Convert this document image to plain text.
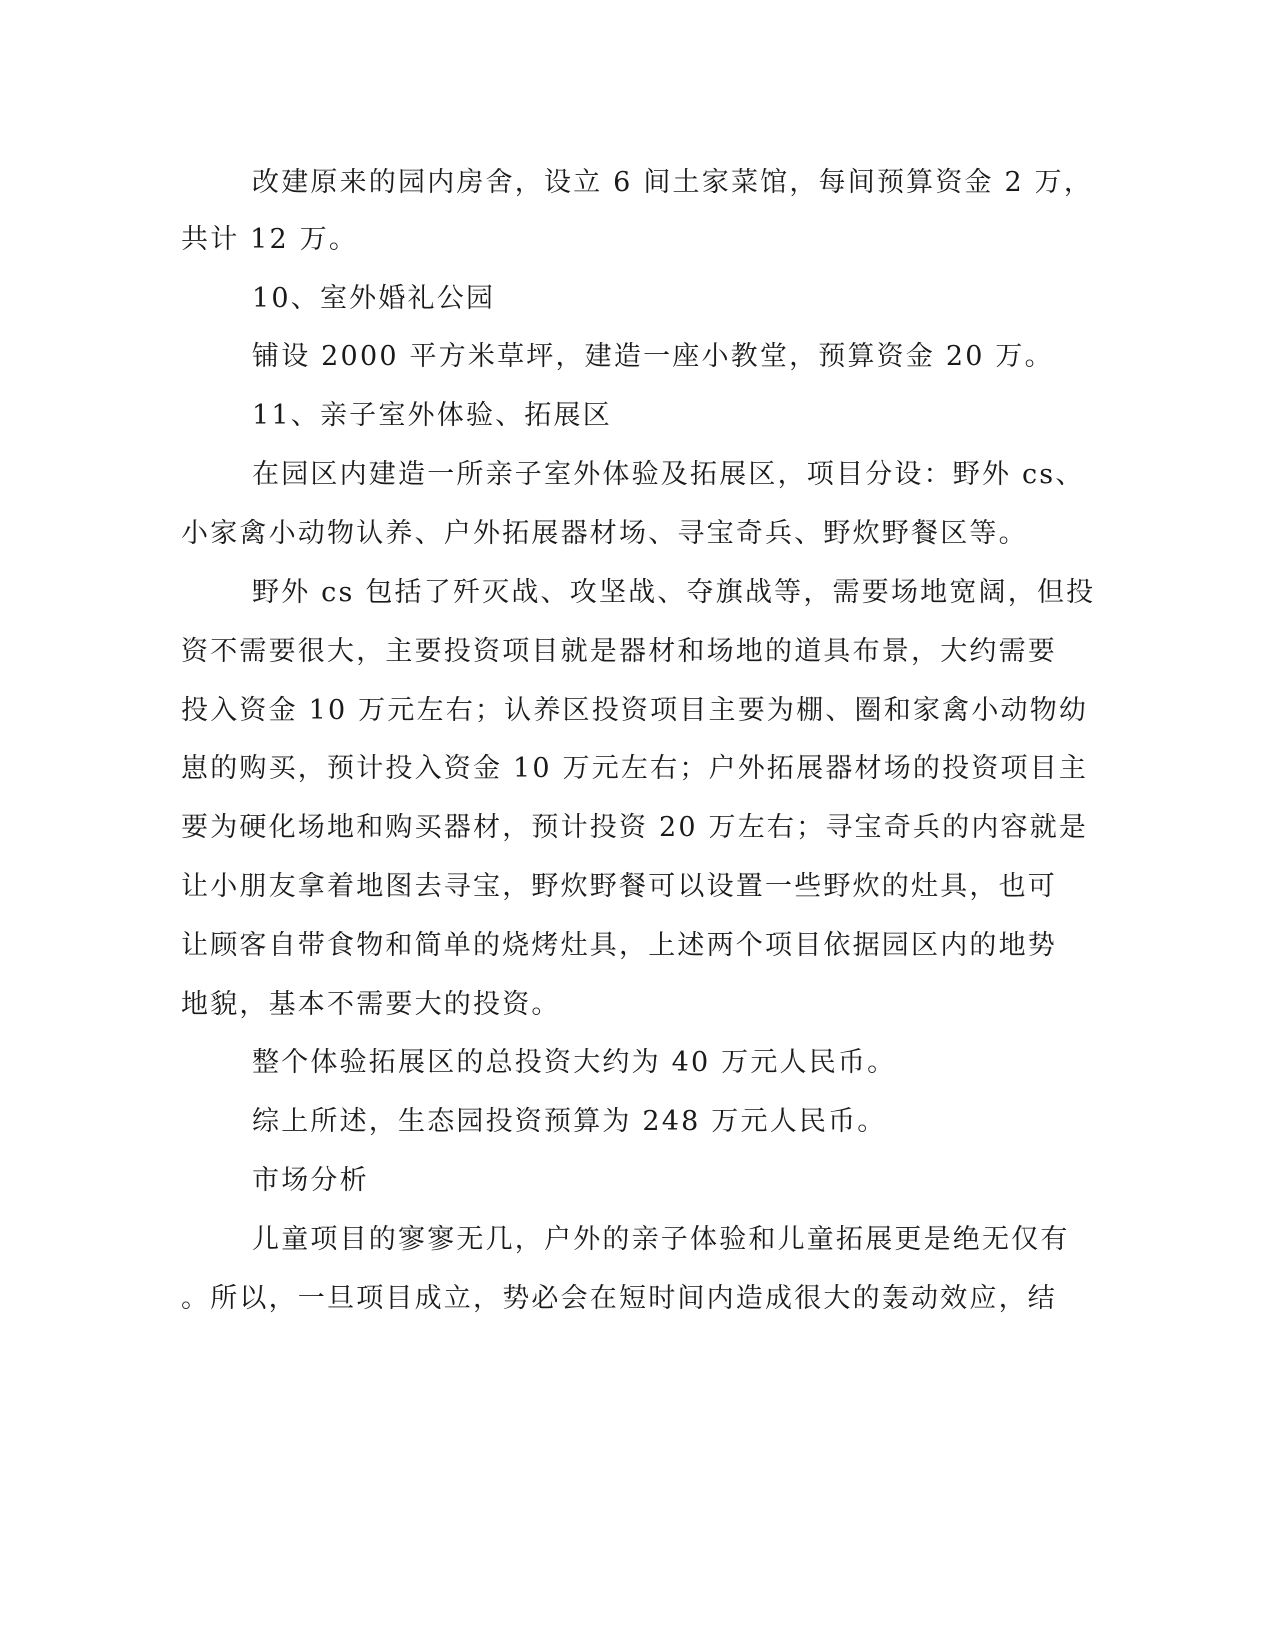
改建原来的园内房舍，设立 6 间土家菜馆，每间预算资金 2 万，
共计 12 万。
10、室外婚礼公园
铺设 2000 平方米草坪，建造一座小教堂，预算资金 20 万。
11、亲子室外体验、拓展区
在园区内建造一所亲子室外体验及拓展区，项目分设：野外 cs、
小家禽小动物认养、户外拓展器材场、寻宝奇兵、野炊野餐区等。
野外 cs 包括了歼灭战、攻坚战、夺旗战等，需要场地宽阔，但投
资不需要很大，主要投资项目就是器材和场地的道具布景，大约需要
投入资金 10 万元左右；认养区投资项目主要为棚、圈和家禽小动物幼
崽的购买，预计投入资金 10 万元左右；户外拓展器材场的投资项目主
要为硬化场地和购买器材，预计投资 20 万左右；寻宝奇兵的内容就是
让小朋友拿着地图去寻宝，野炊野餐可以设置一些野炊的灶具，也可
让顾客自带食物和简单的烧烤灶具，上述两个项目依据园区内的地势
地貌，基本不需要大的投资。
整个体验拓展区的总投资大约为 40 万元人民币。
综上所述，生态园投资预算为 248 万元人民币。
市场分析
儿童项目的寥寥无几，户外的亲子体验和儿童拓展更是绝无仅有
。所以，一旦项目成立，势必会在短时间内造成很大的轰动效应，结
